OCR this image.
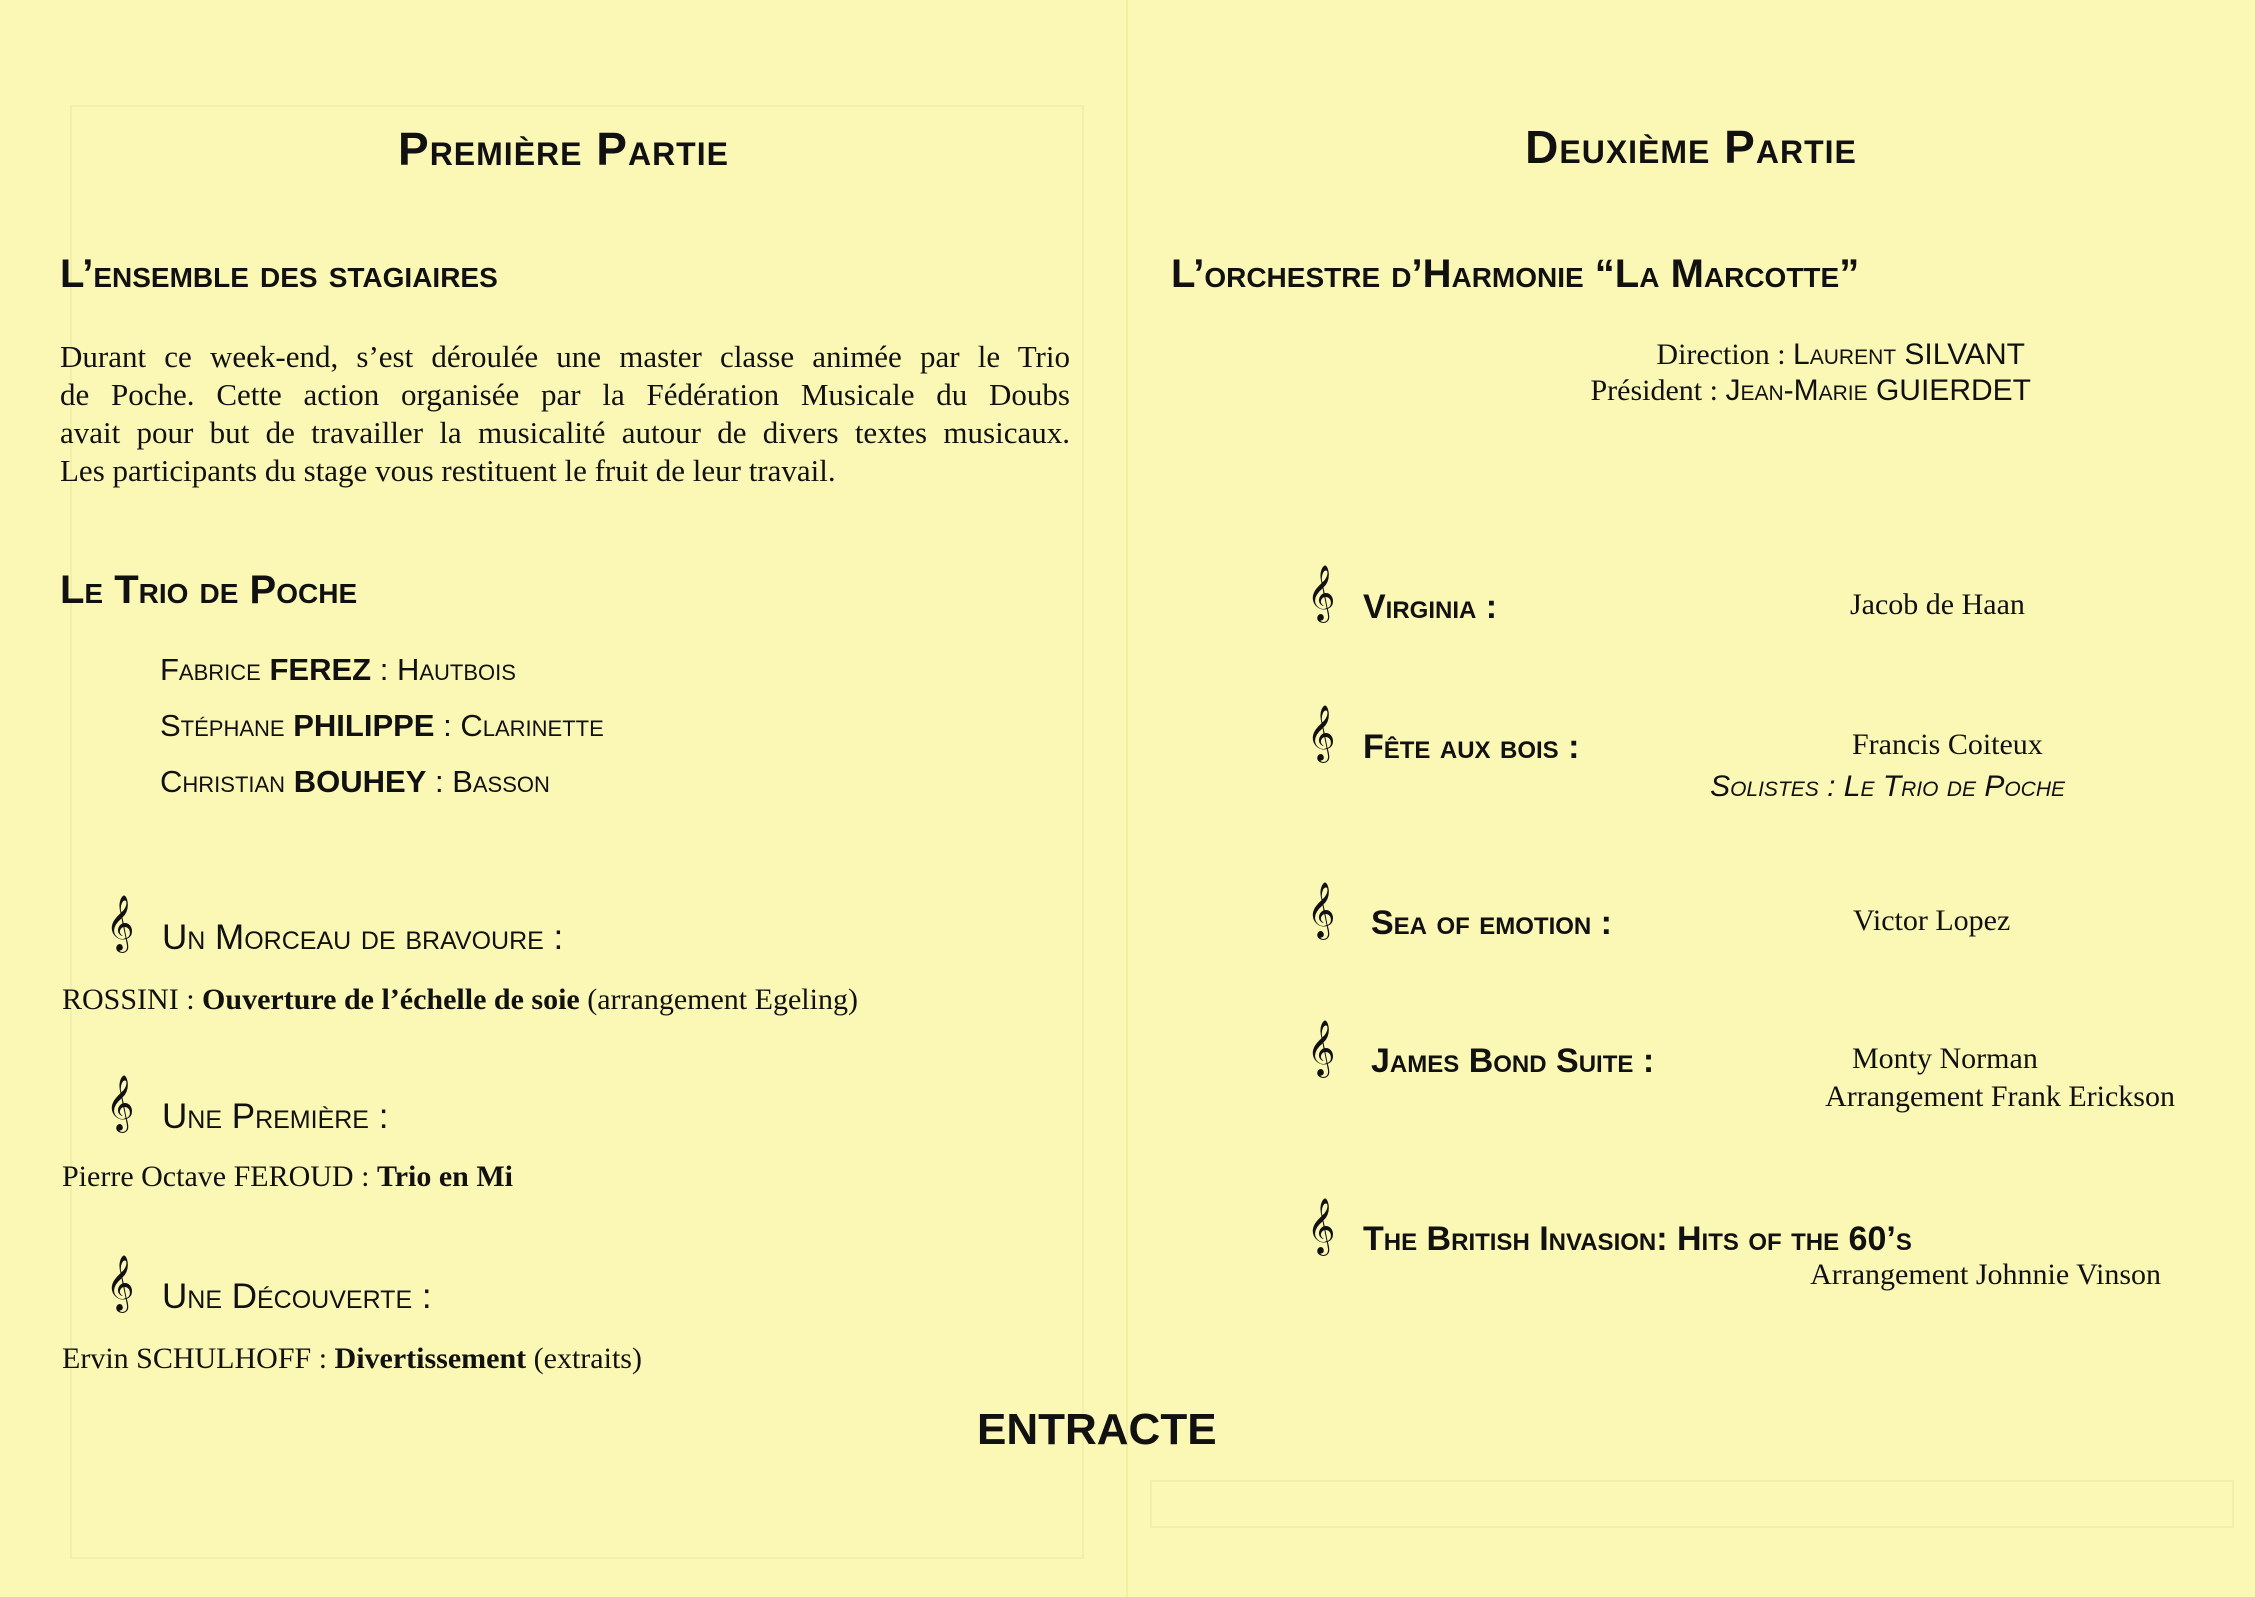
Première Partie
L’ensemble des stagiaires
Durant ce week-end, s’est déroulée une master classe animée par le Trio
de Poche. Cette action organisée par la Fédération Musicale du Doubs
avait pour but de travailler la musicalité autour de divers textes musicaux.
Les participants du stage vous restituent le fruit de leur travail.
Le Trio de Poche
Fabrice FEREZ : Hautbois
Stéphane PHILIPPE : Clarinette
Christian BOUHEY : Basson
𝄞 Un Morceau de bravoure :
ROSSINI : Ouverture de l’échelle de soie (arrangement Egeling)
𝄞 Une Première :
Pierre Octave FEROUD : Trio en Mi
𝄞 Une Découverte :
Ervin SCHULHOFF : Divertissement (extraits)
ENTRACTE
Deuxième Partie
L’orchestre d’Harmonie “La Marcotte”
Direction : Laurent SILVANT
Président : Jean-Marie GUIERDET
𝄞 Virginia :	Jacob de Haan
𝄞 Fête aux bois :	Francis Coiteux
Solistes : Le Trio de Poche
𝄞 Sea of emotion :	Victor Lopez
𝄞 James Bond Suite :	Monty Norman
Arrangement Frank Erickson
𝄞 The British Invasion: Hits of the 60’s
Arrangement Johnnie Vinson
